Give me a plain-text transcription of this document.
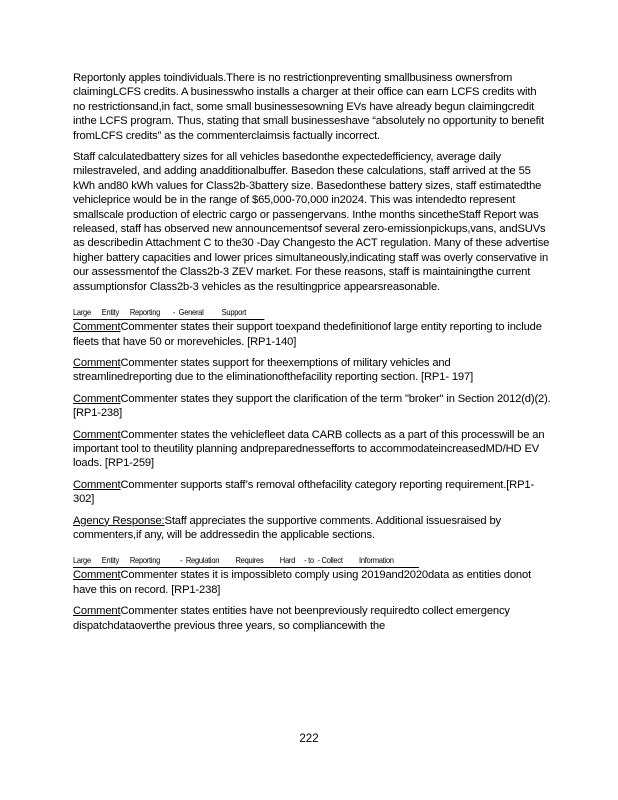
Reportonly apples toindividuals.There is no restrictionpreventing smallbusiness ownersfrom claimingLCFS credits. A businesswho installs a charger at their office can earn LCFS credits with no restrictionsand,in fact, some small businessesowning EVs have already begun claimingcredit inthe LCFS program. Thus, stating that small businesseshave “absolutely no opportunity to benefit fromLCFS credits” as the commenterclaimsis factually incorrect.

Staff calculatedbattery sizes for all vehicles basedonthe expectedefficiency, average daily milestraveled, and adding anadditionalbuffer. Basedon these calculations, staff arrived at the 55 kWh and80 kWh values for Class2b-3battery size. Basedonthese battery sizes, staff estimatedthe vehicleprice would be in the range of $65,000-70,000 in2024. This was intendedto represent smallscale production of electric cargo or passengervans. Inthe months sincetheStaff Report was released, staff has observed new announcementsof several zero-emissionpickups,vans, andSUVs as describedin Attachment C to the30 -Day Changesto the ACT regulation. Many of these advertise higher battery capacities and lower prices simultaneously,indicating staff was overly conservative in our assessmentof the Class2b-3 ZEV market. For these reasons, staff is maintainingthe current assumptionsfor Class2b-3 vehicles as the resultingprice appearsreasonable.

Large      Entity      Reporting       -  General          Support

CommentCommenter states their support toexpand thedefinitionof large entity reporting to include fleets that have 50 or morevehicles. [RP1-140]

CommentCommenter states support for theexemptions of military vehicles and streamlinedreporting due to the eliminationofthefacility reporting section. [RP1- 197]

CommentCommenter states they support the clarification of the term "broker" in Section 2012(d)(2). [RP1-238]

CommentCommenter states the vehiclefleet data CARB collects as a part of this processwill be an important tool to theutility planning andpreparednessefforts to accommodateincreasedMD/HD EV loads. [RP1-259]

CommentCommenter supports staff’s removal ofthefacility category reporting requirement.[RP1-302]

Agency Response:Staff appreciates the supportive comments. Additional issuesraised by commenters,if any, will be addressedin the applicable sections.

Large      Entity      Reporting           -  Regulation         Requires         Hard     - to  - Collect         Information

CommentCommenter states it is impossibleto comply using 2019and2020data as entities donot have this on record. [RP1-238]

CommentCommenter states entities have not beenpreviously requiredto collect emergency dispatchdataoverthe previous three years, so compliancewith the

222
